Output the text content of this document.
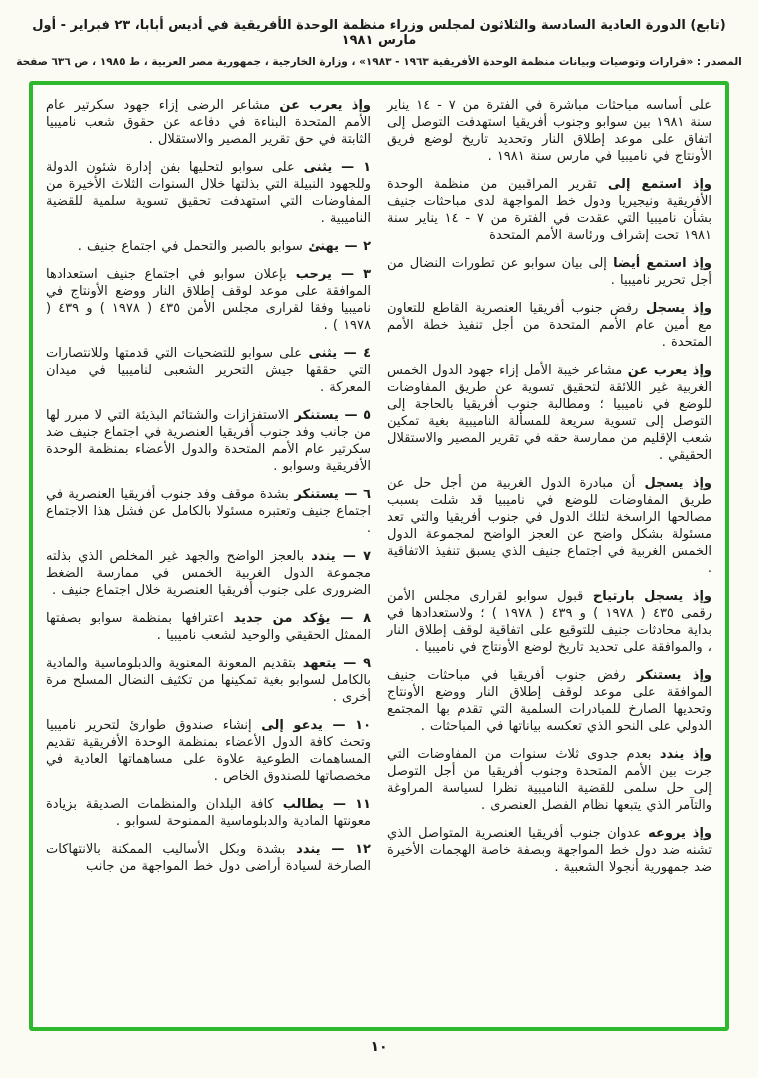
(تابع) الدورة العادية السادسة والثلاثون لمجلس وزراء منظمة الوحدة الأفريقية في أديس أبابا، ٢٣ فبراير - أول مارس ١٩٨١
المصدر : «قرارات وتوصيات وبيانات منظمة الوحدة الأفريقية ١٩٦٣ - ١٩٨٣» ، وزارة الخارجية ، جمهورية مصر العربية ، ط ١٩٨٥ ، ص ٦٣٦ صفحة

على أساسه مباحثات مباشرة في الفترة من ٧ - ١٤ يناير سنة ١٩٨١ بين سوابو وجنوب أفريقيا استهدفت التوصل إلى اتفاق على موعد إطلاق النار وتحديد تاريخ لوضع فريق الأونتاج في ناميبيا في مارس سنة ١٩٨١ .

وإذ استمع إلى تقرير المراقبين من منظمة الوحدة الأفريقية ونيجيريا ودول خط المواجهة لدى مباحثات جنيف بشأن ناميبيا التي عقدت في الفترة من ٧ - ١٤ يناير سنة ١٩٨١ تحت إشراف ورئاسة الأمم المتحدة

وإذ استمع أيضا إلى بيان سوابو عن تطورات النضال من أجل تحرير ناميبيا .

وإذ يسجل رفض جنوب أفريقيا العنصرية القاطع للتعاون مع أمين عام الأمم المتحدة من أجل تنفيذ خطة الأمم المتحدة .

وإذ يعرب عن مشاعر خيبة الأمل إزاء جهود الدول الخمس الغربية غير اللائقة لتحقيق تسوية عن طريق المفاوضات للوضع في ناميبيا ؛ ومطالبة جنوب أفريقيا بالحاجة إلى التوصل إلى تسوية سريعة للمسألة الناميبية بغية تمكين شعب الإقليم من ممارسة حقه في تقرير المصير والاستقلال الحقيقي .

وإذ يسجل أن مبادرة الدول الغربية من أجل حل عن طريق المفاوضات للوضع في ناميبيا قد شلت بسبب مصالحها الراسخة لتلك الدول في جنوب أفريقيا والتي تعد مسئولة بشكل واضح عن العجز الواضح لمجموعة الدول الخمس الغربية في اجتماع جنيف الذي يسبق تنفيذ الاتفاقية .

وإذ يسجل بارتياح قبول سوابو لقرارى مجلس الأمن رقمى ٤٣٥ ( ١٩٧٨ ) و ٤٣٩ ( ١٩٧٨ ) ؛ ولاستعدادها في بداية محادثات جنيف للتوقيع على اتفاقية لوقف إطلاق النار ، والموافقة على تحديد تاريخ لوضع الأونتاج في ناميبيا .

وإذ يستنكر رفض جنوب أفريقيا في مباحثات جنيف الموافقة على موعد لوقف إطلاق النار ووضع الأونتاج وتحديها الصارخ للمبادرات السلمية التي تقدم بها المجتمع الدولي على النحو الذي تعكسه بياناتها في المباحثات .

وإذ يندد بعدم جدوى ثلاث سنوات من المفاوضات التي جرت بين الأمم المتحدة وجنوب أفريقيا من أجل التوصل إلى حل سلمى للقضية الناميبية نظرا لسياسة المراوغة والتآمر الذي يتبعها نظام الفصل العنصرى .

وإذ يروعه عدوان جنوب أفريقيا العنصرية المتواصل الذي تشنه ضد دول خط المواجهة وبصفة خاصة الهجمات الأخيرة ضد جمهورية أنجولا الشعبية .

وإذ يعرب عن مشاعر الرضى إزاء جهود سكرتير عام الأمم المتحدة البناءة في دفاعه عن حقوق شعب ناميبيا الثابتة في حق تقرير المصير والاستقلال .

١ — يثنى على سوابو لتحليها بفن إدارة شئون الدولة وللجهود النبيلة التي بذلتها خلال السنوات الثلاث الأخيرة من المفاوضات التي استهدفت تحقيق تسوية سلمية للقضية الناميبية .

٢ — يهنئ سوابو بالصبر والتحمل في اجتماع جنيف .

٣ — يرحب بإعلان سوابو في اجتماع جنيف استعدادها الموافقة على موعد لوقف إطلاق النار ووضع الأونتاج في ناميبيا وفقا لقرارى مجلس الأمن ٤٣٥ ( ١٩٧٨ ) و ٤٣٩ ( ١٩٧٨ ) .

٤ — يثنى على سوابو للتضحيات التي قدمتها وللانتصارات التي حققها جيش التحرير الشعبى لناميبيا في ميدان المعركة .

٥ — يستنكر الاستفزازات والشتائم البذيئة التي لا مبرر لها من جانب وفد جنوب أفريقيا العنصرية في اجتماع جنيف ضد سكرتير عام الأمم المتحدة والدول الأعضاء بمنظمة الوحدة الأفريقية وسوابو .

٦ — يستنكر بشدة موقف وفد جنوب أفريقيا العنصرية في اجتماع جنيف وتعتبره مسئولا بالكامل عن فشل هذا الاجتماع .

٧ — يندد بالعجز الواضح والجهد غير المخلص الذي بذلته مجموعة الدول الغربية الخمس في ممارسة الضغط الضرورى على جنوب أفريقيا العنصرية خلال اجتماع جنيف .

٨ — يؤكد من جديد اعترافها بمنظمة سوابو بصفتها الممثل الحقيقي والوحيد لشعب ناميبيا .

٩ — يتعهد بتقديم المعونة المعنوية والدبلوماسية والمادية بالكامل لسوابو بغية تمكينها من تكثيف النضال المسلح مرة أخرى .

١٠ — يدعو إلى إنشاء صندوق طوارئ لتحرير ناميبيا وتحث كافة الدول الأعضاء بمنظمة الوحدة الأفريقية تقديم المساهمات الطوعية علاوة على مساهماتها العادية في مخصصاتها للصندوق الخاص .

١١ — يطالب كافة البلدان والمنظمات الصديقة بزيادة معونتها المادية والدبلوماسية الممنوحة لسوابو .

١٢ — يندد بشدة وبكل الأساليب الممكنة بالانتهاكات الصارخة لسيادة أراضى دول خط المواجهة من جانب

١٠
